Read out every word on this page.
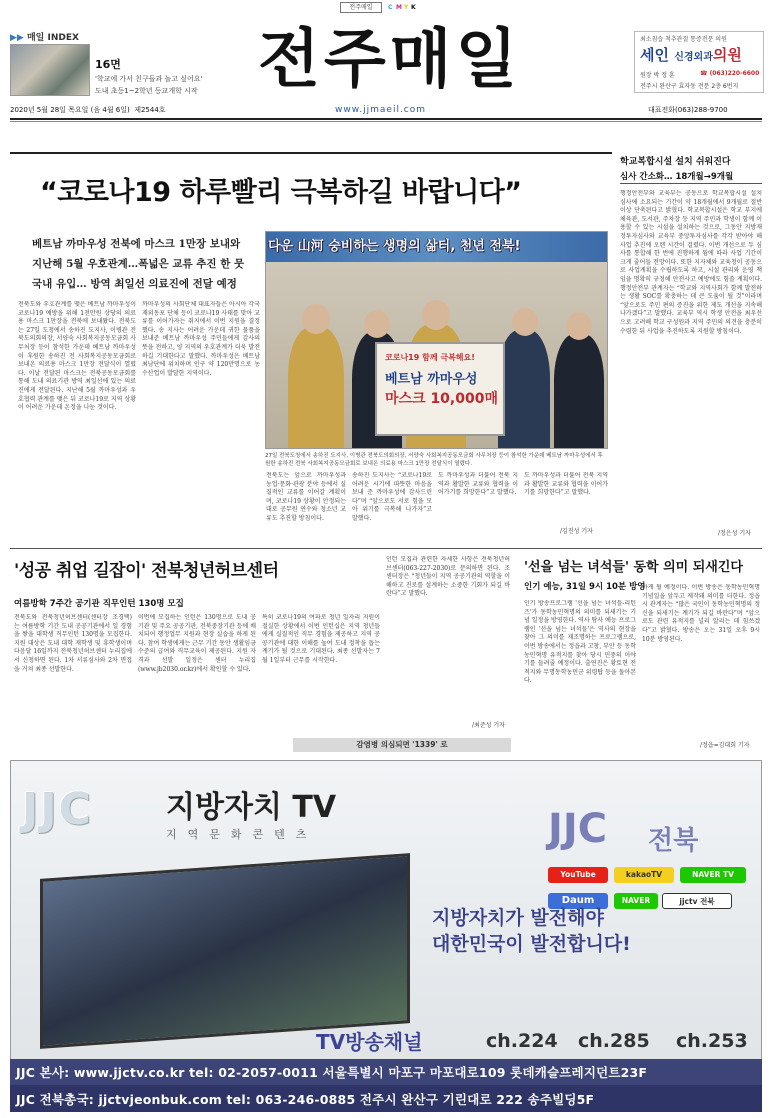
전주매일	C M Y K
▶▶ 매일 INDEX
16면
'학교에 가서 친구들과 놀고 싶어요'
도내 초등1~2학년 등교개학 시작 전주매일	최소침습 척추관절 통증전문 의원
세인 신경외과의원
원장 박 정 훈	☎ (063)220-6600
전주시 완산구 효자동 전문 2층 6번지
2020년 5월 28일 목요일 (음 4월 6일) 제2544호	www.jjmaeil.com	대표전화(063)288-9700
“코로나19 하루빨리 극복하길 바랍니다”
베트남 까마우성 전북에 마스크 1만장 보내와
지난해 5월 우호관계…폭넓은 교류 추진 한 뭇
국내 유입… 방역 최일선 의료진에 전달 예정

전북도와 우호관계를 맺은 베트남 까마우성이 코로나19 예방을 위해 1천만원 상당의 의료용 마스크 1만장을 전북에 보내왔다. 전북도는 27일 도청에서 송하진 도지사, 이병관 전북도의회의장, 서양숙 사회복지공동모금회 사무처장 등이 참석한 가운데 베트남 까마우성이 후원한 송하진 전 사회복지공동모금회로 보내온 의료용 마스크 1만장 전달식이 열렸다. 이날 전달된 마스크는 전북공동모금회를 통해 도내 의료기관 방역 최일선에 있는 의료진에게 전달된다. 지난해 5월 까마우성과 우호협력 관계를 맺은 뒤 코로나19로 지역 상황이 어려운 가운데 온정을 나눈 것이다.

까마우성의 사회단체 대표자들은 아시아 각국 재외동포 단체 등이 코로나19 사태를 맞아 교류를 이어가자는 취지에서 이번 지원을 결정했다. 송 지사는 어려운 가운데 귀한 물품을 보내준 베트남 까마우성 주민들에게 감사의 뜻을 전하고, 양 지역의 우호관계가 더욱 발전하길 기대한다고 말했다. 까마우성은 베트남 최남단에 위치하며 인구 약 120만명으로 농수산업이 발달한 지역이다.

다운 山河 숭비하는 생명의 삶터, 천년 전북!
코로나19 함께 극복해요!
베트남 까마우성
마스크 10,000매
27일 전북도청에서 송하진 도지사, 이병관 전북도의회의장, 서양숙 사회복지공동모금회 사무처장 등이 참석한 가운데 베트남 까마우성에서 후원한 송하진 전북 사회복지공동모금회로 보내온 의료용 마스크 1만장 전달식이 열렸다.

전북도는 앞으로 까마우성과 농업·문화·관광 분야 등에서 실질적인 교류를 이어갈 계획이며, 코로나19 상황이 안정되는 대로 공무원 연수와 청소년 교류도 추진할 방침이다.

송하진 도지사는 “코로나19로 어려운 시기에 따뜻한 마음을 보내 준 까마우성에 감사드린다”며 “앞으로도 서로 힘을 모아 위기를 극복해 나가자”고 말했다.

도 까마우성과 더불어 전북 지역과 활발한 교류와 협력을 이어가기를 희망한다”고 말했다.

도 까마우성과 더불어 전북 지역과 활발한 교류와 협력을 이어가기를 희망한다”고 말했다.

/김진성 기자
학교복합시설 설치 쉬워진다
심사 간소화… 18개월→9개월

행정안전부와 교육부는 공동으로 학교복합시설 설치 심사에 소요되는 기간이 약 18개월에서 9개월로 절반 이상 단축된다고 밝혔다. 학교복합시설은 학교 부지에 체육관, 도서관, 주차장 등 지역 주민과 학생이 함께 이용할 수 있는 시설을 설치하는 것으로, 그동안 지방재정투자심사와 교육부 중앙투자심사를 각각 받아야 해 사업 추진에 오랜 시간이 걸렸다. 이번 개선으로 두 심사를 통합해 한 번에 진행하게 됨에 따라 사업 기간이 크게 줄어들 전망이다. 또한 지자체와 교육청이 공동으로 사업계획을 수립하도록 하고, 시설 관리와 운영 책임을 명확히 규정해 안전사고 예방에도 힘쓸 계획이다. 행정안전부 관계자는 “학교와 지역사회가 함께 발전하는 생활 SOC를 확충하는 데 큰 도움이 될 것”이라며 “앞으로도 주민 편의 증진을 위한 제도 개선을 지속해 나가겠다”고 말했다. 교육부 역시 학생 안전을 최우선으로 고려해 학교 구성원과 지역 주민의 의견을 충분히 수렴한 뒤 사업을 추진하도록 지원할 방침이다.

/정은성 기자
'성공 취업 길잡이' 전북청년허브센터
여름방학 7주간 공기관 직무인턴 130명 모집

전북도와 전북청년허브센터(센터장 조경택)는 여름방학 기간 도내 공공기관에서 일 경험을 쌓을 대학생 직무인턴 130명을 모집한다. 지원 대상은 도내 대학 재학생 및 휴학생이며 다음달 16일까지 전북청년허브센터 누리집에서 신청하면 된다. 1차 서류심사와 2차 면접을 거쳐 최종 선발한다.

이번에 모집하는 인턴은 130명으로 도내 공기관 및 주요 공공기관, 전북중장기관 등에 배치되어 행정업무 지원과 현장 실습을 하게 된다. 참여 학생에게는 근무 기간 동안 생활임금 수준의 급여와 직무교육이 제공된다. 지원 자격과 선발 일정은 센터 누리집(www.jb2030.or.kr)에서 확인할 수 있다.

특히 코로나19의 여파로 청년 일자리 지원이 절실한 상황에서 이번 인턴십은 지역 청년들에게 실질적인 직무 경험을 제공하고 지역 공공기관에 대한 이해를 높여 도내 정착을 돕는 계기가 될 것으로 기대된다. 최종 선발자는 7월 1일부터 근무를 시작한다.

인턴 모집과 관련한 자세한 사항은 전북청년허브센터(063-227-2030)로 문의하면 된다. 조 센터장은 “청년들이 지역 공공기관의 역할을 이해하고 진로를 설계하는 소중한 기회가 되길 바란다”고 말했다.

/최준성 기자
감염병 의심되면 '1339' 로
'선을 넘는 녀석들' 동학 의미 되새긴다
인기 예능, 31일 9시 10분 방영

인기 방송프로그램 '선을 넘는 녀석들-리턴즈'가 동학농민혁명의 의미를 되새기는 기념 일정을 방영한다. 역사 탐사 예능 프로그램인 '선을 넘는 녀석들'은 역사의 현장을 찾아 그 의미를 재조명하는 프로그램으로, 이번 방송에서는 정읍과 고창, 부안 등 동학농민혁명 유적지를 찾아 당시 민중의 이야기를 들려줄 예정이다. 출연진은 황토현 전적지와 무명동학농민군 위령탑 등을 돌아본다.

하게 될 예정이다. 이번 방송은 동학농민혁명 기념일을 앞두고 제작돼 의미를 더한다. 정읍시 관계자는 “많은 국민이 동학농민혁명의 정신을 되새기는 계기가 되길 바란다”며 “앞으로도 관련 유적지를 널리 알리는 데 힘쓰겠다”고 밝혔다. 방송은 오는 31일 오후 9시 10분 방영된다.

/정읍=김대희 기자
JJC 지방자치 TV
지역문화콘텐츠	JJC 전북
YouTube	kakaoTV	NAVER TV
Daum	NAVER	jjctv 전북
지방자치가 발전해야
대한민국이 발전합니다!
TV방송채널	ch.224 ch.285 ch.253
JJC 본사: www.jjctv.co.kr tel: 02-2057-0011 서울특별시 마포구 마포대로109 롯데캐슬프레지던트23F
JJC 전북총국: jjctvjeonbuk.com tel: 063-246-0885 전주시 완산구 기린대로 222 송주빌딩5F
